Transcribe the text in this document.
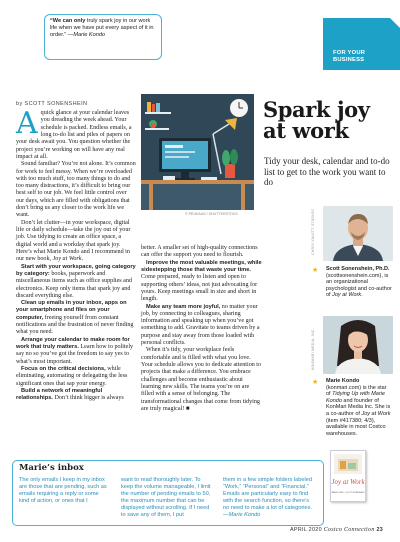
“We can only truly spark joy in our work life when we have put every aspect of it in order.” —Marie Kondo
FOR YOUR BUSINESS
by SCOTT SONENSHEIN
© PEUKAAS / SHUTTERSTOCK
Spark joy at work
Tidy your desk, calendar and to-do list to get to the work you want to do

Aquick glance at your calendar leaves you dreading the week ahead. Your schedule is packed. Endless emails, a long to-do list and piles of papers on your desk await you. You question whether the project you’re working on will have any real impact at all.

Sound familiar? You’re not alone. It’s common for work to feel messy. When we’re overloaded with too much stuff, too many things to do and too many distractions, it’s difficult to bring our best self to our job. We feel little control over our days, which are filled with obligations that don’t bring us any closer to the work life we want.

Don’t let clutter—in your workspace, digital life or daily schedule—take the joy out of your job. Use tidying to create an office space, a digital world and a workday that spark joy. Here’s what Marie Kondo and I recommend in our new book, Joy at Work.

Start with your workspace, going category by category: books, paperwork and miscellaneous items such as office supplies and electronics. Keep only items that spark joy and discard everything else.

Clean up emails in your inbox, apps on your smartphone and files on your computer, freeing yourself from constant notifications and the frustration of never finding what you need.

Arrange your calendar to make room for work that truly matters. Learn how to politely say no so you’ve got the freedom to say yes to what’s most important.

Focus on the critical decisions, while eliminating, automating or delegating the less significant ones that sap your energy.

Build a network of meaningful relationships. Don’t think bigger is always

better. A smaller set of high-quality connections can offer the support you need to flourish.

Improve the most valuable meetings, while sidestepping those that waste your time. Come prepared, ready to listen and open to supporting others’ ideas, not just advocating for yours. Keep meetings small in size and short in length.

Make any team more joyful, no matter your job, by connecting to colleagues, sharing information and speaking up when you’ve got something to add. Gravitate to teams driven by a purpose and stay away from those loaded with personal conflicts.

When it’s tidy, your workplace feels comfortable and is filled with what you love. Your schedule allows you to dedicate attention to projects that make a difference. You embrace challenges and become enthusiastic about learning new skills. The teams you’re on are filled with a sense of belonging. The transformational changes that come from tidying are truly magical! ■

CHRIS VALETT STUDIOS
★ Scott Sonenshein, Ph.D. (scottsonenshein.com), is an organizational psychologist and co-author of Joy at Work.
KONMARI MEDIA, INC.
★ Marie Kondo (konmari.com) is the star of Tidying Up with Marie Kondo and founder of KonMari Media Inc. She is a co-author of Joy at Work (item #417380; 4/3), available in most Costco warehouses.
Joy at Work
MARIE KONDO · SCOTT SONENSHEIN
Marie’s inbox
The only emails I keep in my inbox are those that are pending, such as emails requiring a reply or some kind of action, or ones that I
want to read thoroughly later. To keep the volume manageable, I limit the number of pending emails to 50, the maximum number that can be displayed without scrolling. If I need to save any of them, I put
them in a few simple folders labeled “Work,” “Personal” and “Financial.” Emails are particularly easy to find with the search function, so there’s no need to make a lot of categories.—Marie Kondo
APRIL 2020 Costco Connection 23
